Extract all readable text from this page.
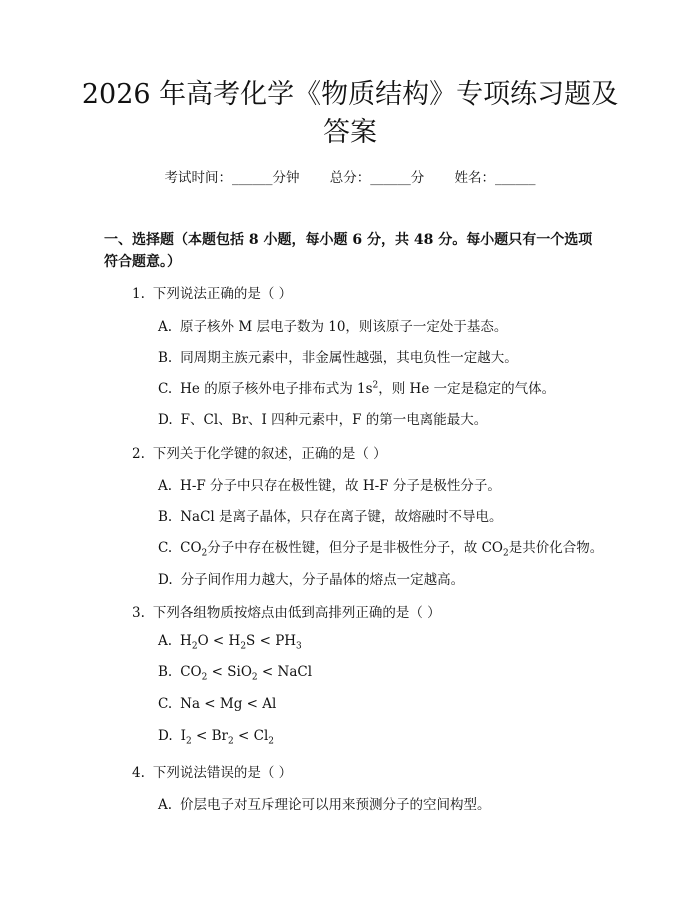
2026 年高考化学《物质结构》专项练习题及
答案
考试时间：______分钟 总分：______分 姓名：______
一、选择题（本题包括 8 小题，每小题 6 分，共 48 分。每小题只有一个选项符合题意。）
1. 下列说法正确的是（ ）
A. 原子核外 M 层电子数为 10，则该原子一定处于基态。
B. 同周期主族元素中，非金属性越强，其电负性一定越大。
C. He 的原子核外电子排布式为 $1s^2$，则 He 一定是稳定的气体。
D. F、Cl、Br、I 四种元素中，F 的第一电离能最大。
2. 下列关于化学键的叙述，正确的是（ ）
A. H-F 分子中只存在极性键，故 H-F 分子是极性分子。
B. NaCl 是离子晶体，只存在离子键，故熔融时不导电。
C. $CO_2$分子中存在极性键，但分子是非极性分子，故 $CO_2$是共价化合物。
D. 分子间作用力越大，分子晶体的熔点一定越高。
3. 下列各组物质按熔点由低到高排列正确的是（ ）
A. $H_2O < H_2S < PH_3$
B. $CO_2 < SiO_2$ < NaCl
C. Na < Mg < Al
D. $I_2 < Br_2 < Cl_2$
4. 下列说法错误的是（ ）
A. 价层电子对互斥理论可以用来预测分子的空间构型。
